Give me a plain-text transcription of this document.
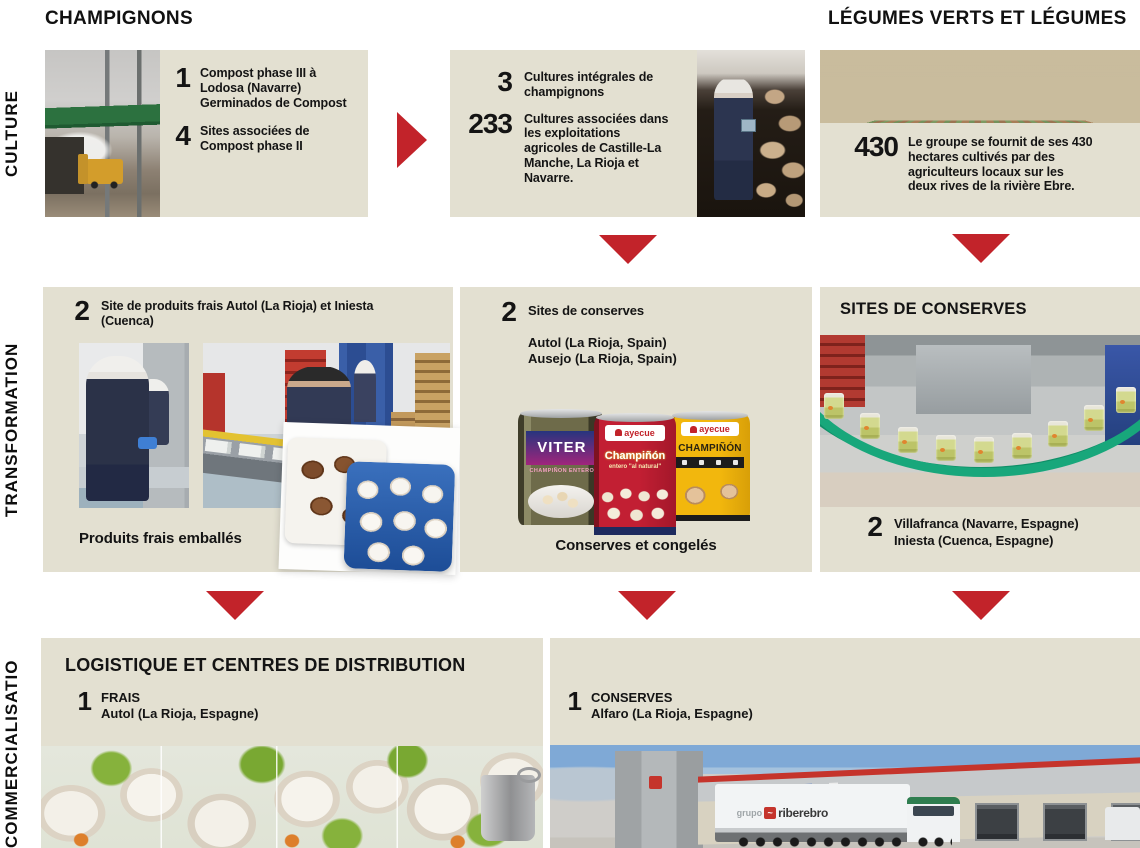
CHAMPIGNONS	LÉGUMES VERTS ET LÉGUMES
CULTURE
TRANSFORMATION
COMMERCIALISATIO
1 Compost phase III à Lodosa (Navarre) Germinados de Compost
4 Sites associées de Compost phase II
3 Cultures intégrales de champignons
233 Cultures associées dans les exploitations agricoles de Castille-La Manche, La Rioja et Navarre.
430 Le groupe se fournit de ses 430 hectares cultivés par des agriculteurs locaux sur les deux rives de la rivière Ebre.
2 Site de produits frais Autol (La Rioja) et Iniesta (Cuenca)
Produits frais emballés
2 Sites de conserves
Autol (La Rioja, Spain)
Ausejo (La Rioja, Spain)
VITER
CHAMPIÑON ENTERO
ayecue
CHAMPIÑÓN
ayecue
Champiñón
entero "al natural"
Conserves et congelés
SITES DE CONSERVES
2 Villafranca (Navarre, Espagne)
Iniesta (Cuenca, Espagne)
LOGISTIQUE ET CENTRES DE DISTRIBUTION
1 FRAIS
Autol (La Rioja, Espagne)	1 CONSERVES
Alfaro (La Rioja, Espagne)
grupo ~ riberebro
